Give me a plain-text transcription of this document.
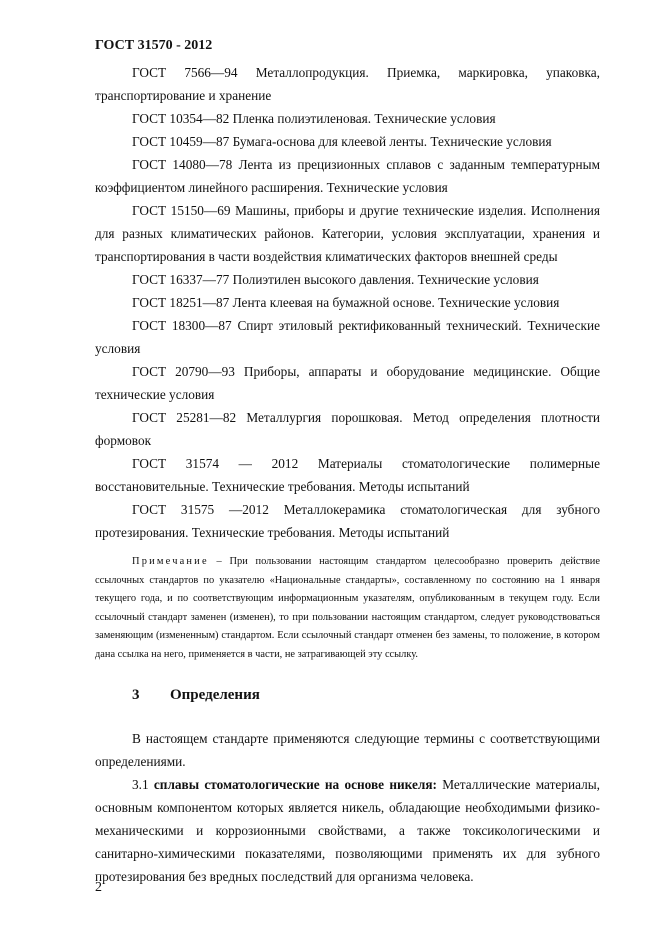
ГОСТ 31570 - 2012

ГОСТ 7566—94 Металлопродукция. Приемка, маркировка, упаковка, транспортирование и хранение

ГОСТ 10354—82 Пленка полиэтиленовая. Технические условия

ГОСТ 10459—87 Бумага-основа для клеевой ленты. Технические условия

ГОСТ 14080—78 Лента из прецизионных сплавов с заданным температурным коэффициентом линейного расширения. Технические условия

ГОСТ 15150—69 Машины, приборы и другие технические изделия. Исполнения для разных климатических районов. Категории, условия эксплуатации, хранения и транспортирования в части воздействия климатических факторов внешней среды

ГОСТ 16337—77 Полиэтилен высокого давления. Технические условия

ГОСТ 18251—87 Лента клеевая на бумажной основе. Технические условия

ГОСТ 18300—87 Спирт этиловый ректификованный технический. Технические условия

ГОСТ 20790—93 Приборы, аппараты и оборудование медицинские. Общие технические условия

ГОСТ 25281—82 Металлургия порошковая. Метод определения плотности формовок

ГОСТ 31574 — 2012 Материалы стоматологические полимерные восстановительные. Технические требования. Методы испытаний

ГОСТ 31575 —2012 Металлокерамика стоматологическая для зубного протезирования. Технические требования. Методы испытаний

Примечание – При пользовании настоящим стандартом целесообразно проверить действие ссылочных стандартов по указателю «Национальные стандарты», составленному по состоянию на 1 января текущего года, и по соответствующим информационным указателям, опубликованным в текущем году. Если ссылочный стандарт заменен (изменен), то при пользовании настоящим стандартом, следует руководствоваться заменяющим (измененным) стандартом. Если ссылочный стандарт отменен без замены, то положение, в котором дана ссылка на него, применяется в части, не затрагивающей эту ссылку.

3 Определения

В настоящем стандарте применяются следующие термины с соответствующими определениями.

3.1 сплавы стоматологические на основе никеля: Металлические материалы, основным компонентом которых является никель, обладающие необходимыми физико-механическими и коррозионными свойствами, а также токсикологическими и санитарно-химическими показателями, позволяющими применять их для зубного протезирования без вредных последствий для организма человека.

2
